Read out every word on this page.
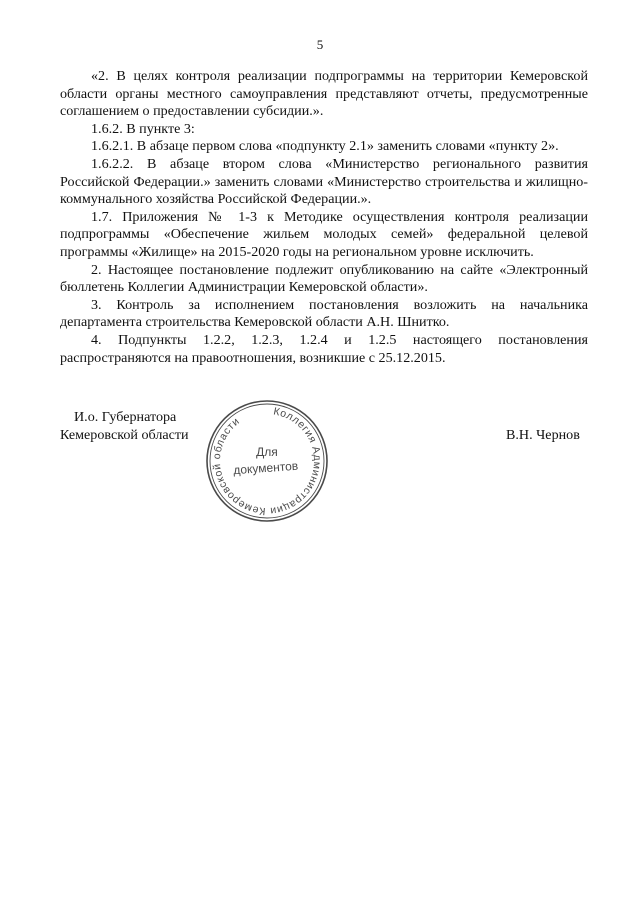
5

«2. В целях контроля реализации подпрограммы на территории Кемеровской области органы местного самоуправления представляют отчеты, предусмотренные соглашением о предоставлении субсидии.».

1.6.2. В пункте 3:

1.6.2.1. В абзаце первом слова «подпункту 2.1» заменить словами «пункту 2».

1.6.2.2. В абзаце втором слова «Министерство регионального развития Российской Федерации.» заменить словами «Министерство строительства и жилищно-коммунального хозяйства Российской Федерации.».

1.7. Приложения № 1-3 к Методике осуществления контроля реализации подпрограммы «Обеспечение жильем молодых семей» федеральной целевой программы «Жилище» на 2015-2020 годы на региональном уровне исключить.

2. Настоящее постановление подлежит опубликованию на сайте «Электронный бюллетень Коллегии Администрации Кемеровской области».

3. Контроль за исполнением постановления возложить на начальника департамента строительства Кемеровской области А.Н. Шнитко.

4. Подпункты 1.2.2, 1.2.3, 1.2.4 и 1.2.5 настоящего постановления распространяются на правоотношения, возникшие с 25.12.2015.

И.о. Губернатора
Кемеровской области
Коллегия Администрации Кемеровской области
Для
документов
В.Н. Чернов
